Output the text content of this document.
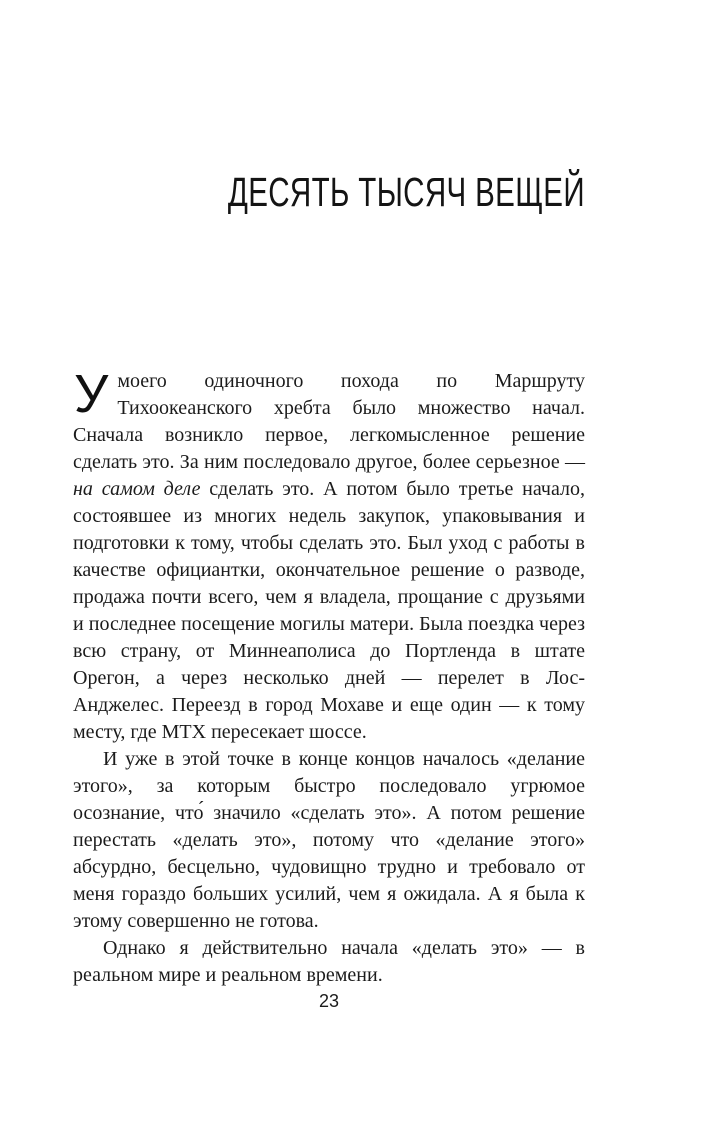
ДЕСЯТЬ ТЫСЯЧ ВЕЩЕЙ

Умоего одиночного похода по Маршруту Тихоокеанского хребта было множество начал. Сначала возникло первое, легкомысленное решение сделать это. За ним последовало другое, более серьезное — на самом деле сделать это. А потом было третье начало, состоявшее из многих недель закупок, упаковывания и подготовки к тому, чтобы сделать это. Был уход с работы в качестве официантки, окончательное решение о разводе, продажа почти всего, чем я владела, прощание с друзьями и последнее посещение могилы матери. Была поездка через всю страну, от Миннеаполиса до Портленда в штате Орегон, а через несколько дней — перелет в Лос-Анджелес. Переезд в город Мохаве и еще один — к тому месту, где МТХ пересекает шоссе.

И уже в этой точке в конце концов началось «делание этого», за которым быстро последовало угрюмое осознание, что́ значило «сделать это». А потом решение перестать «делать это», потому что «делание этого» абсурдно, бесцельно, чудовищно трудно и требовало от меня гораздо больших усилий, чем я ожидала. А я была к этому совершенно не готова.

Однако я действительно начала «делать это» — в реальном мире и реальном времени.

23
